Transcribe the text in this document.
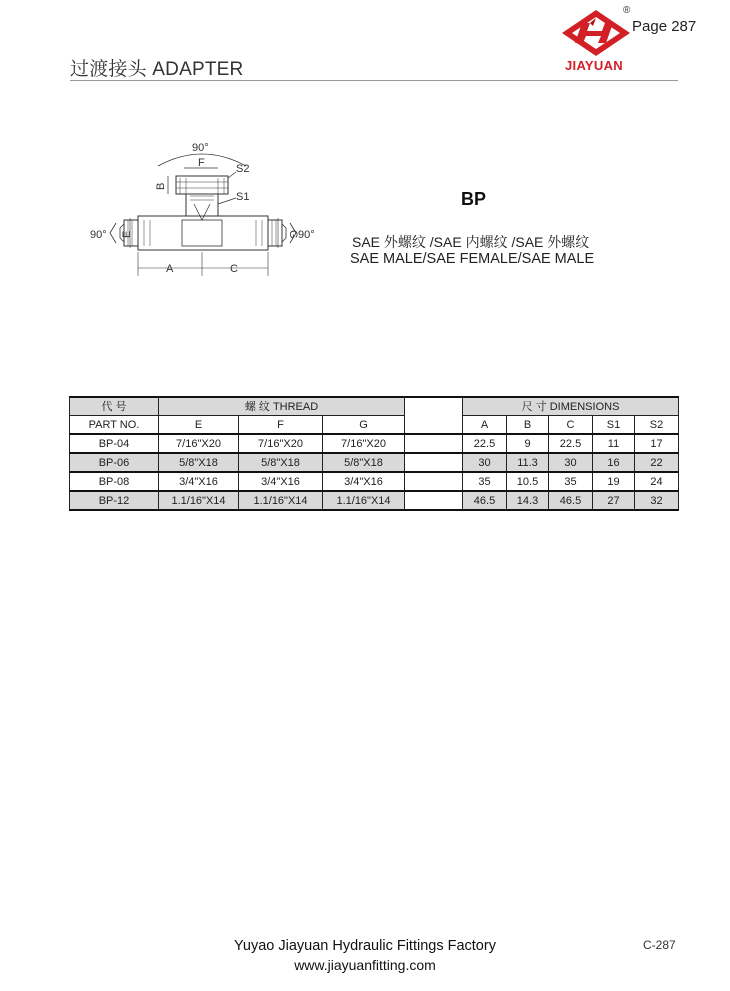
过渡接头 ADAPTER
®
Page 287
JIAYUAN
90°
F	S2
B
S1
90° E	90°
G
A	C
BP
SAE 外螺纹 /SAE 内螺纹 /SAE 外螺纹
SAE MALE/SAE FEMALE/SAE MALE
代 号	螺 纹 THREAD				尺 寸 DIMENSIONS				
PART NO.	E	F	G		A	B	C	S1	S2
BP-04	7/16"X20	7/16"X20	7/16"X20		22.5	9	22.5	11	17
BP-06	5/8"X18	5/8"X18	5/8"X18		30	11.3	30	16	22
BP-08	3/4"X16	3/4"X16	3/4"X16		35	10.5	35	19	24
BP-12	1.1/16"X14	1.1/16"X14	1.1/16"X14		46.5	14.3	46.5	27	32
Yuyao Jiayuan Hydraulic Fittings Factory
www.jiayuanfitting.com
C-287
